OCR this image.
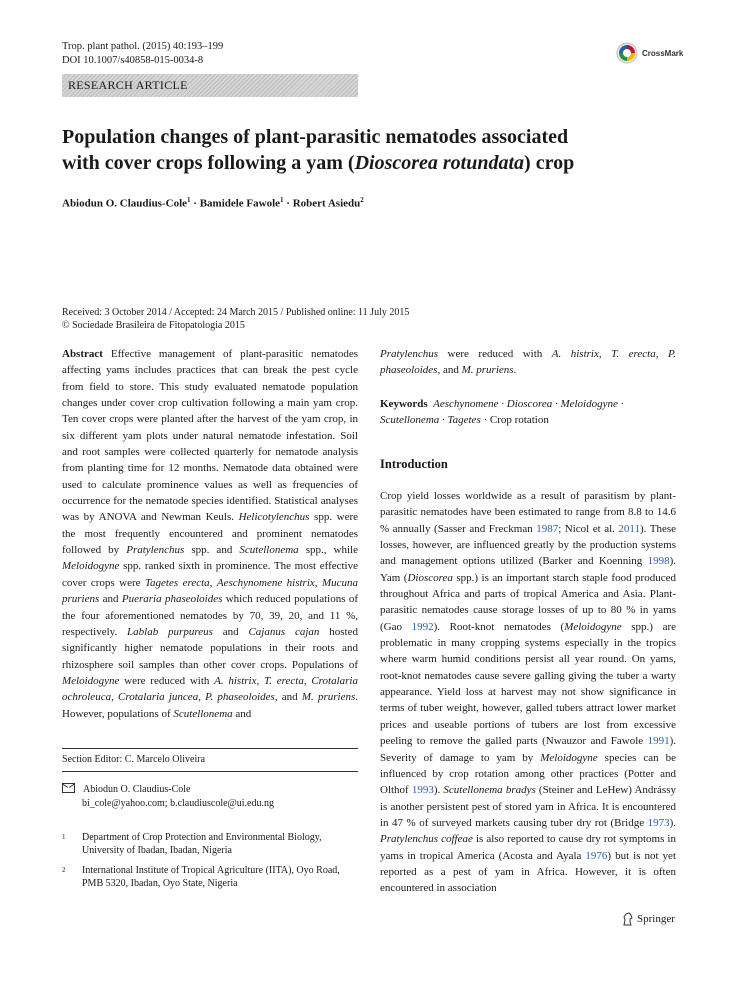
Trop. plant pathol. (2015) 40:193–199
DOI 10.1007/s40858-015-0034-8
CrossMark
RESEARCH ARTICLE
Population changes of plant-parasitic nematodes associated
with cover crops following a yam (Dioscorea rotundata) crop
Abiodun O. Claudius-Cole$^1$ · Bamidele Fawole$^1$ · Robert Asiedu$^2$
Received: 3 October 2014 / Accepted: 24 March 2015 / Published online: 11 July 2015
© Sociedade Brasileira de Fitopatologia 2015
Abstract Effective management of plant-parasitic nematodes affecting yams includes practices that can break the pest cycle from field to store. This study evaluated nematode population changes under cover crop cultivation following a main yam crop. Ten cover crops were planted after the harvest of the yam crop, in six different yam plots under natural nematode infestation. Soil and root samples were collected quarterly for nematode analysis from planting time for 12 months. Nematode data obtained were used to calculate prominence values as well as frequencies of occurrence for the nematode species identified. Statistical analyses was by ANOVA and Newman Keuls. Helicotylenchus spp. were the most frequently encountered and prominent nematodes followed by Pratylenchus spp. and Scutellonema spp., while Meloidogyne spp. ranked sixth in prominence. The most effective cover crops were Tagetes erecta, Aeschynomene histrix, Mucuna pruriens and Pueraria phaseoloides which reduced populations of the four aforementioned nematodes by 70, 39, 20, and 11 %, respectively. Lablab purpureus and Cajanus cajan hosted significantly higher nematode populations in their roots and rhizosphere soil samples than other cover crops. Populations of Meloidogyne were reduced with A. histrix, T. erecta, Crotalaria ochroleuca, Crotalaria juncea, P. phaseoloides, and M. pruriens. However, populations of Scutellonema and
Pratylenchus were reduced with A. histrix, T. erecta, P. phaseoloides, and M. pruriens.
Keywords Aeschynomene · Dioscorea · Meloidogyne · Scutellonema · Tagetes · Crop rotation
Introduction
Crop yield losses worldwide as a result of parasitism by plant-parasitic nematodes have been estimated to range from 8.8 to 14.6 % annually (Sasser and Freckman 1987; Nicol et al. 2011). These losses, however, are influenced greatly by the production systems and management options utilized (Barker and Koenning 1998). Yam (Dioscorea spp.) is an important starch staple food produced throughout Africa and parts of tropical America and Asia. Plant-parasitic nematodes cause storage losses of up to 80 % in yams (Gao 1992). Root-knot nematodes (Meloidogyne spp.) are problematic in many cropping systems especially in the tropics where warm humid conditions persist all year round. On yams, root-knot nematodes cause severe galling giving the tuber a warty appearance. Yield loss at harvest may not show significance in terms of tuber weight, however, galled tubers attract lower market prices and useable portions of tubers are lost from excessive peeling to remove the galled parts (Nwauzor and Fawole 1991). Severity of damage to yam by Meloidogyne species can be influenced by crop rotation among other practices (Potter and Olthof 1993). Scutellonema bradys (Steiner and LeHew) Andrássy is another persistent pest of stored yam in Africa. It is encountered in 47 % of surveyed markets causing tuber dry rot (Bridge 1973). Pratylenchus coffeae is also reported to cause dry rot symptoms in yams in tropical America (Acosta and Ayala 1976) but is not yet reported as a pest of yam in Africa. However, it is often encountered in association
Section Editor: C. Marcelo Oliveira
Abiodun O. Claudius-Cole
bi_cole@yahoo.com; b.claudiuscole@ui.edu.ng
1 Department of Crop Protection and Environmental Biology, University of Ibadan, Ibadan, Nigeria
2 International Institute of Tropical Agriculture (IITA), Oyo Road, PMB 5320, Ibadan, Oyo State, Nigeria
Springer
